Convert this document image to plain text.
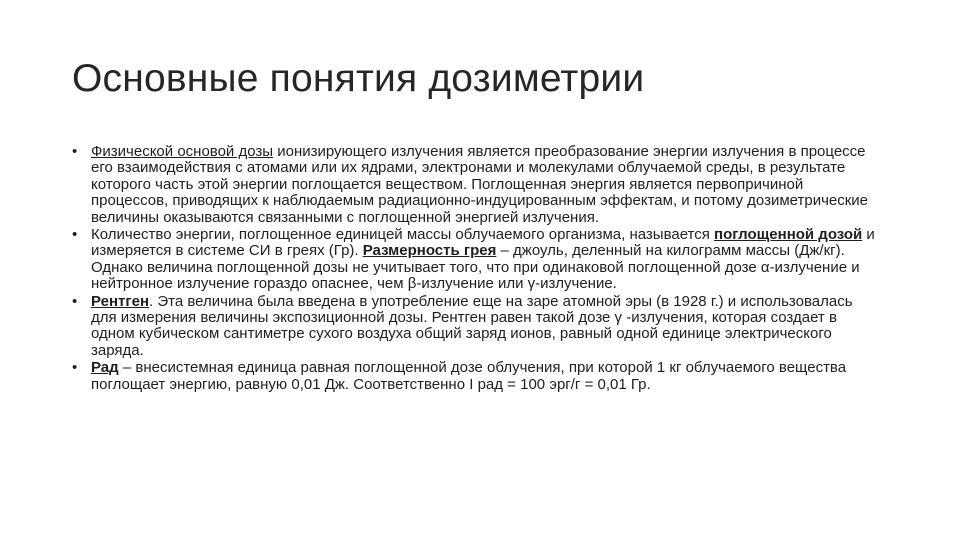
Основные понятия дозиметрии
• Физической основой дозы ионизирующего излучения является преобразование энергии излучения в процессе его взаимодействия с атомами или их ядрами, электронами и молекулами облучаемой среды, в результате которого часть этой энергии поглощается веществом. Поглощенная энергия является первопричиной процессов, приводящих к наблюдаемым радиационно-индуцированным эффектам, и потому дозиметрические величины оказываются связанными с поглощенной энергией излучения.
• Количество энергии, поглощенное единицей массы облучаемого организма, называется поглощенной дозой и измеряется в системе СИ в греях (Гр). Размерность грея – джоуль, деленный на килограмм массы (Дж/кг). Однако величина поглощенной дозы не учитывает того, что при одинаковой поглощенной дозе α-излучение и нейтронное излучение гораздо опаснее, чем β-излучение или γ-излучение.
• Рентген. Эта величина была введена в употребление еще на заре атомной эры (в 1928 г.) и использовалась для измерения величины экспозиционной дозы. Рентген равен такой дозе γ -излучения, которая создает в одном кубическом сантиметре сухого воздуха общий заряд ионов, равный одной единице электрического заряда.
• Рад – внесистемная единица равная поглощенной дозе облучения, при которой 1 кг облучаемого вещества поглощает энергию, равную 0,01 Дж. Соответственно I рад = 100 эрг/г = 0,01 Гр.
